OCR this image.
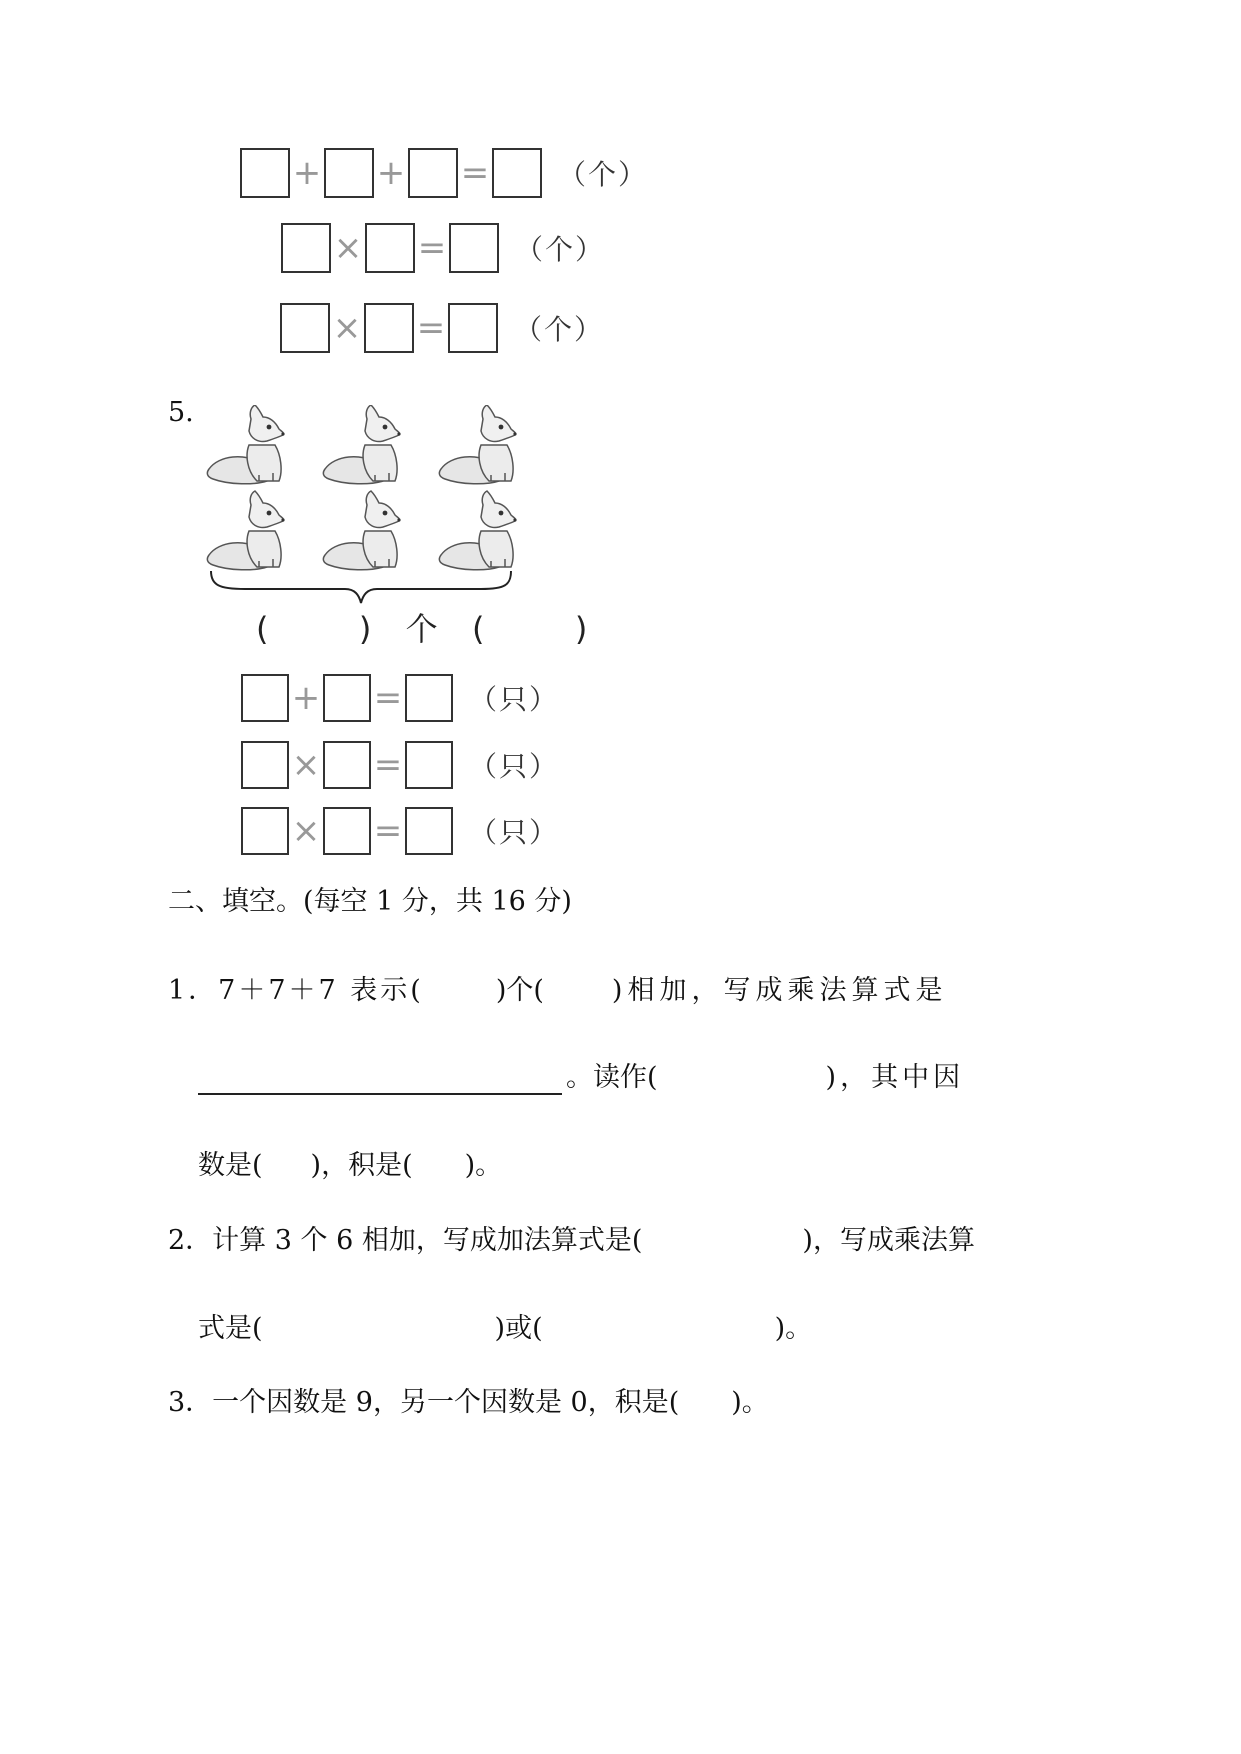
+ + = （个）
× = （个）
× = （个）
5.
(	) 个 (	)
+ = （只）
× = （只）
× = （只）
二、填空。(每空 1 分，共 16 分)
1．7＋7＋7 表示(	)个(	)相加，写成乘法算式是
。读作(	)，其中因
数是( )，积是( )。
2．计算 3 个 6 相加，写成加法算式是(	)，写成乘法算
式是(	)或(	)。
3．一个因数是 9，另一个因数是 0，积是( )。
